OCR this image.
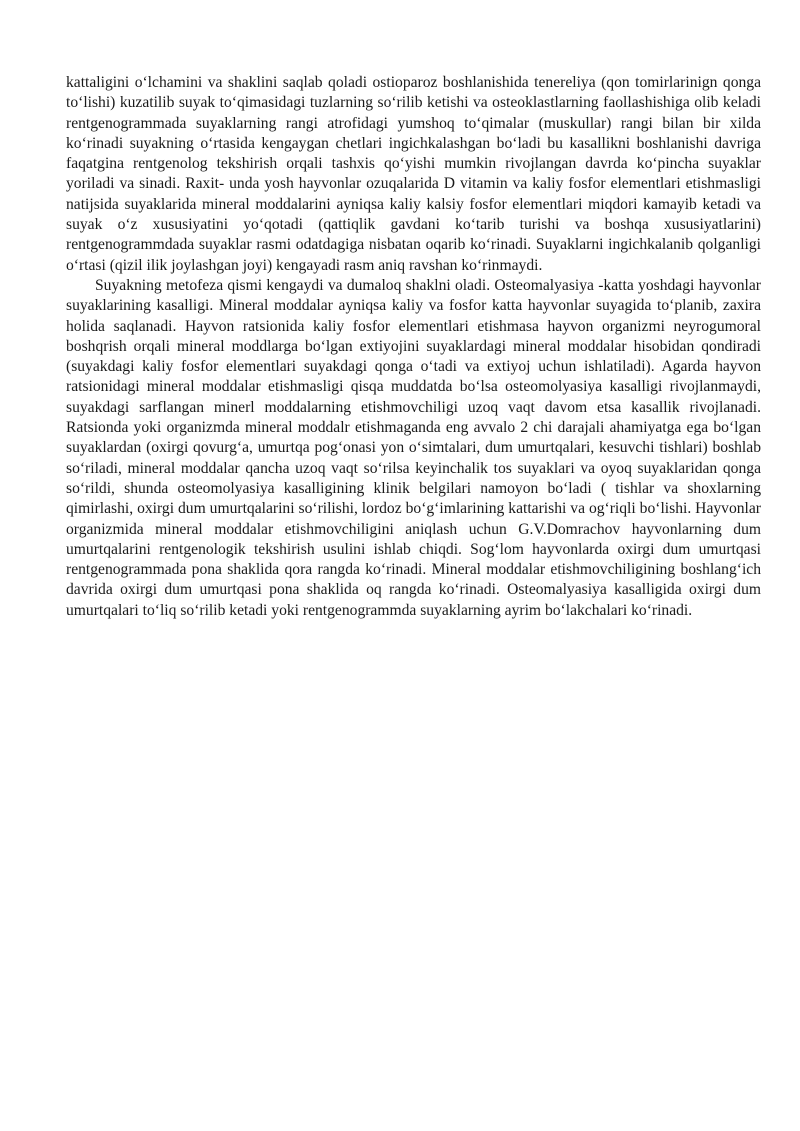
kattaligini o‘lchamini va shaklini saqlab qoladi ostioparoz boshlanishida tenereliya (qon tomirlarinign qonga to‘lishi) kuzatilib suyak to‘qimasidagi tuzlarning so‘rilib ketishi va osteoklastlarning faollashishiga olib keladi rentgenogrammada suyaklarning rangi atrofidagi yumshoq to‘qimalar (muskullar) rangi bilan bir xilda ko‘rinadi suyakning o‘rtasida kengaygan chetlari ingichkalashgan bo‘ladi bu kasallikni boshlanishi davriga faqatgina rentgenolog tekshirish orqali tashxis qo‘yishi mumkin rivojlangan davrda ko‘pincha suyaklar yoriladi va sinadi. Raxit- unda yosh hayvonlar ozuqalarida D vitamin va kaliy fosfor elementlari etishmasligi natijsida suyaklarida mineral moddalarini ayniqsa kaliy kalsiy fosfor elementlari miqdori kamayib ketadi va suyak o‘z xususiyatini yo‘qotadi (qattiqlik gavdani ko‘tarib turishi va boshqa xususiyatlarini) rentgenogrammdada suyaklar rasmi odatdagiga nisbatan oqarib ko‘rinadi. Suyaklarni ingichkalanib qolganligi o‘rtasi (qizil ilik joylashgan joyi) kengayadi rasm aniq ravshan ko‘rinmaydi.

Suyakning metofeza qismi kengaydi va dumaloq shaklni oladi. Osteomalyasiya -katta yoshdagi hayvonlar suyaklarining kasalligi. Mineral moddalar ayniqsa kaliy va fosfor katta hayvonlar suyagida to‘planib, zaxira holida saqlanadi. Hayvon ratsionida kaliy fosfor elementlari etishmasa hayvon organizmi neyrogumoral boshqrish orqali mineral moddlarga bo‘lgan extiyojini suyaklardagi mineral moddalar hisobidan qondiradi (suyakdagi kaliy fosfor elementlari suyakdagi qonga o‘tadi va extiyoj uchun ishlatiladi). Agarda hayvon ratsionidagi mineral moddalar etishmasligi qisqa muddatda bo‘lsa osteomolyasiya kasalligi rivojlanmaydi, suyakdagi sarflangan minerl moddalarning etishmovchiligi uzoq vaqt davom etsa kasallik rivojlanadi. Ratsionda yoki organizmda mineral moddalr etishmaganda eng avvalo 2 chi darajali ahamiyatga ega bo‘lgan suyaklardan (oxirgi qovurg‘a, umurtqa pog‘onasi yon o‘simtalari, dum umurtqalari, kesuvchi tishlari) boshlab so‘riladi, mineral moddalar qancha uzoq vaqt so‘rilsa keyinchalik tos suyaklari va oyoq suyaklaridan qonga so‘rildi, shunda osteomolyasiya kasalligining klinik belgilari namoyon bo‘ladi ( tishlar va shoxlarning qimirlashi, oxirgi dum umurtqalarini so‘rilishi, lordoz bo‘g‘imlarining kattarishi va og‘riqli bo‘lishi. Hayvonlar organizmida mineral moddalar etishmovchiligini aniqlash uchun G.V.Domrachov hayvonlarning dum umurtqalarini rentgenologik tekshirish usulini ishlab chiqdi. Sog‘lom hayvonlarda oxirgi dum umurtqasi rentgenogrammada pona shaklida qora rangda ko‘rinadi. Mineral moddalar etishmovchiligining boshlang‘ich davrida oxirgi dum umurtqasi pona shaklida oq rangda ko‘rinadi. Osteomalyasiya kasalligida oxirgi dum umurtqalari to‘liq so‘rilib ketadi yoki rentgenogrammda suyaklarning ayrim bo‘lakchalari ko‘rinadi.
